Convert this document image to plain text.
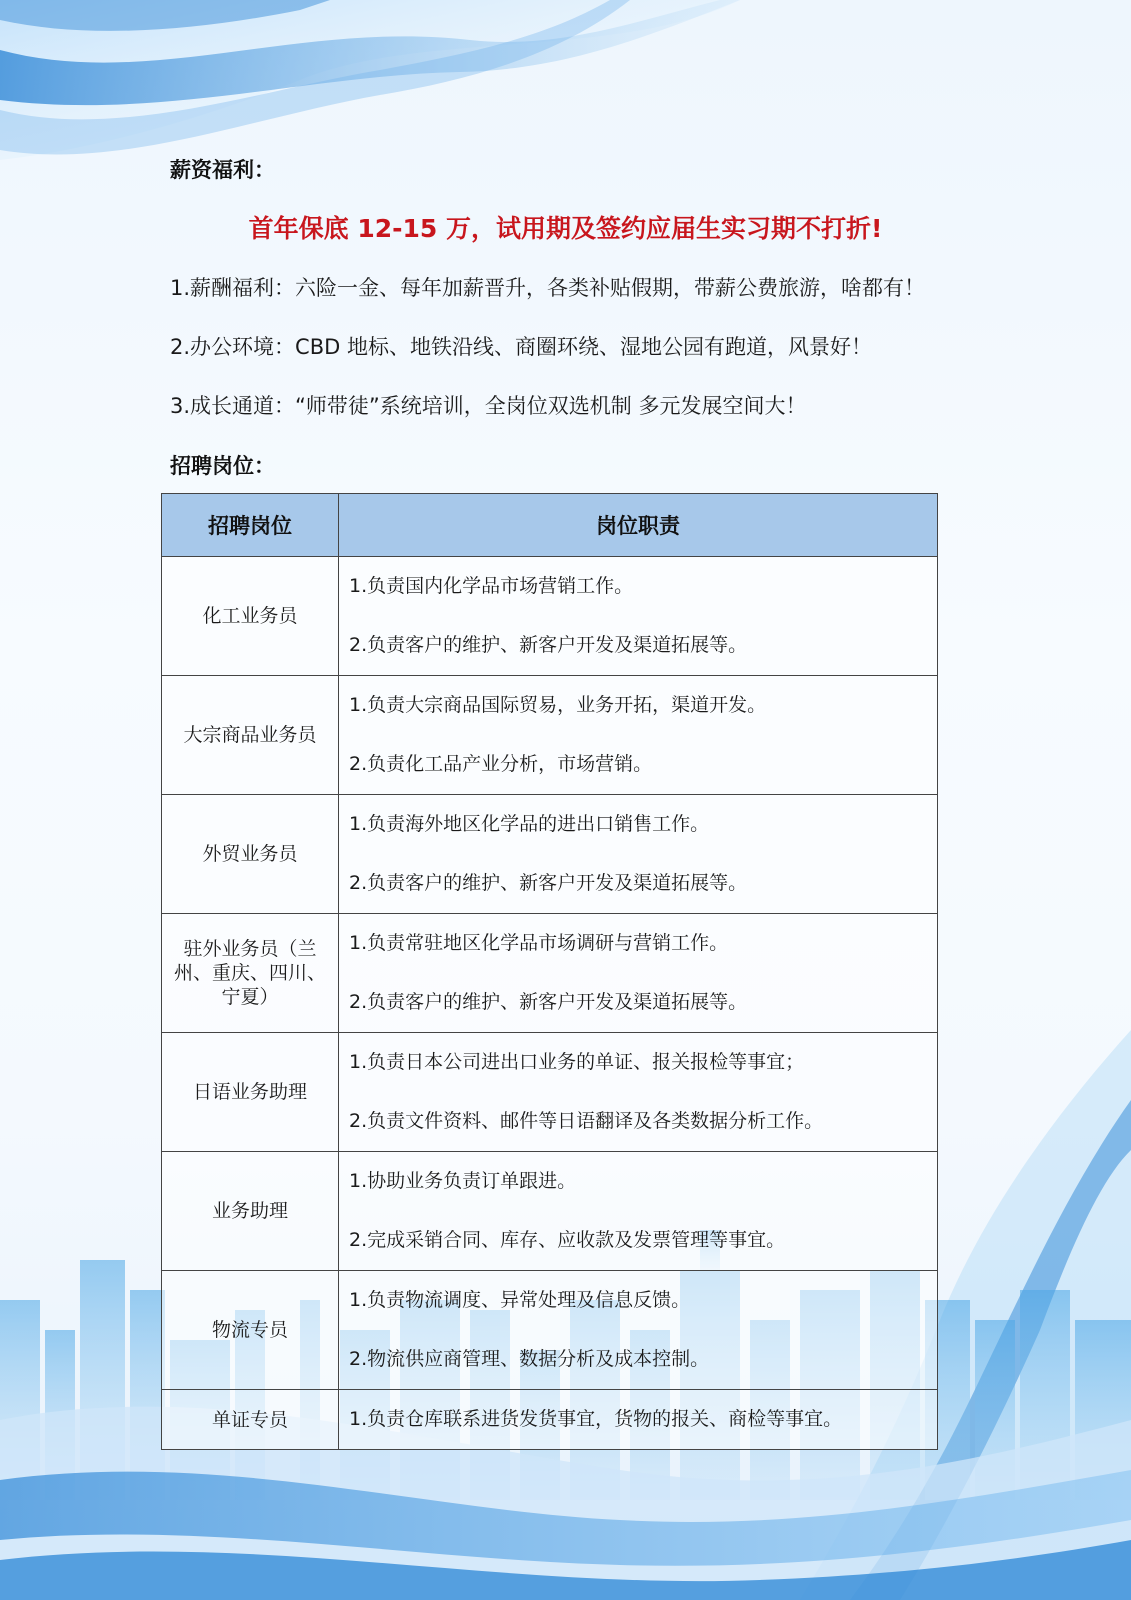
薪资福利：
首年保底 12-15 万，试用期及签约应届生实习期不打折!
1.薪酬福利：六险一金、每年加薪晋升，各类补贴假期，带薪公费旅游，啥都有！
2.办公环境：CBD 地标、地铁沿线、商圈环绕、湿地公园有跑道，风景好！
3.成长通道：“师带徒”系统培训，全岗位双选机制 多元发展空间大！
招聘岗位：
招聘岗位	岗位职责
化工业务员	1.负责国内化学品市场营销工作。
2.负责客户的维护、新客户开发及渠道拓展等。

大宗商品业务员	1.负责大宗商品国际贸易，业务开拓，渠道开发。
2.负责化工品产业分析，市场营销。

外贸业务员	1.负责海外地区化学品的进出口销售工作。
2.负责客户的维护、新客户开发及渠道拓展等。

驻外业务员（兰州、重庆、四川、宁夏）	1.负责常驻地区化学品市场调研与营销工作。
2.负责客户的维护、新客户开发及渠道拓展等。

日语业务助理	1.负责日本公司进出口业务的单证、报关报检等事宜；
2.负责文件资料、邮件等日语翻译及各类数据分析工作。

业务助理	1.协助业务负责订单跟进。
2.完成采销合同、库存、应收款及发票管理等事宜。

物流专员	1.负责物流调度、异常处理及信息反馈。
2.物流供应商管理、数据分析及成本控制。

单证专员	1.负责仓库联系进货发货事宜，货物的报关、商检等事宜。
